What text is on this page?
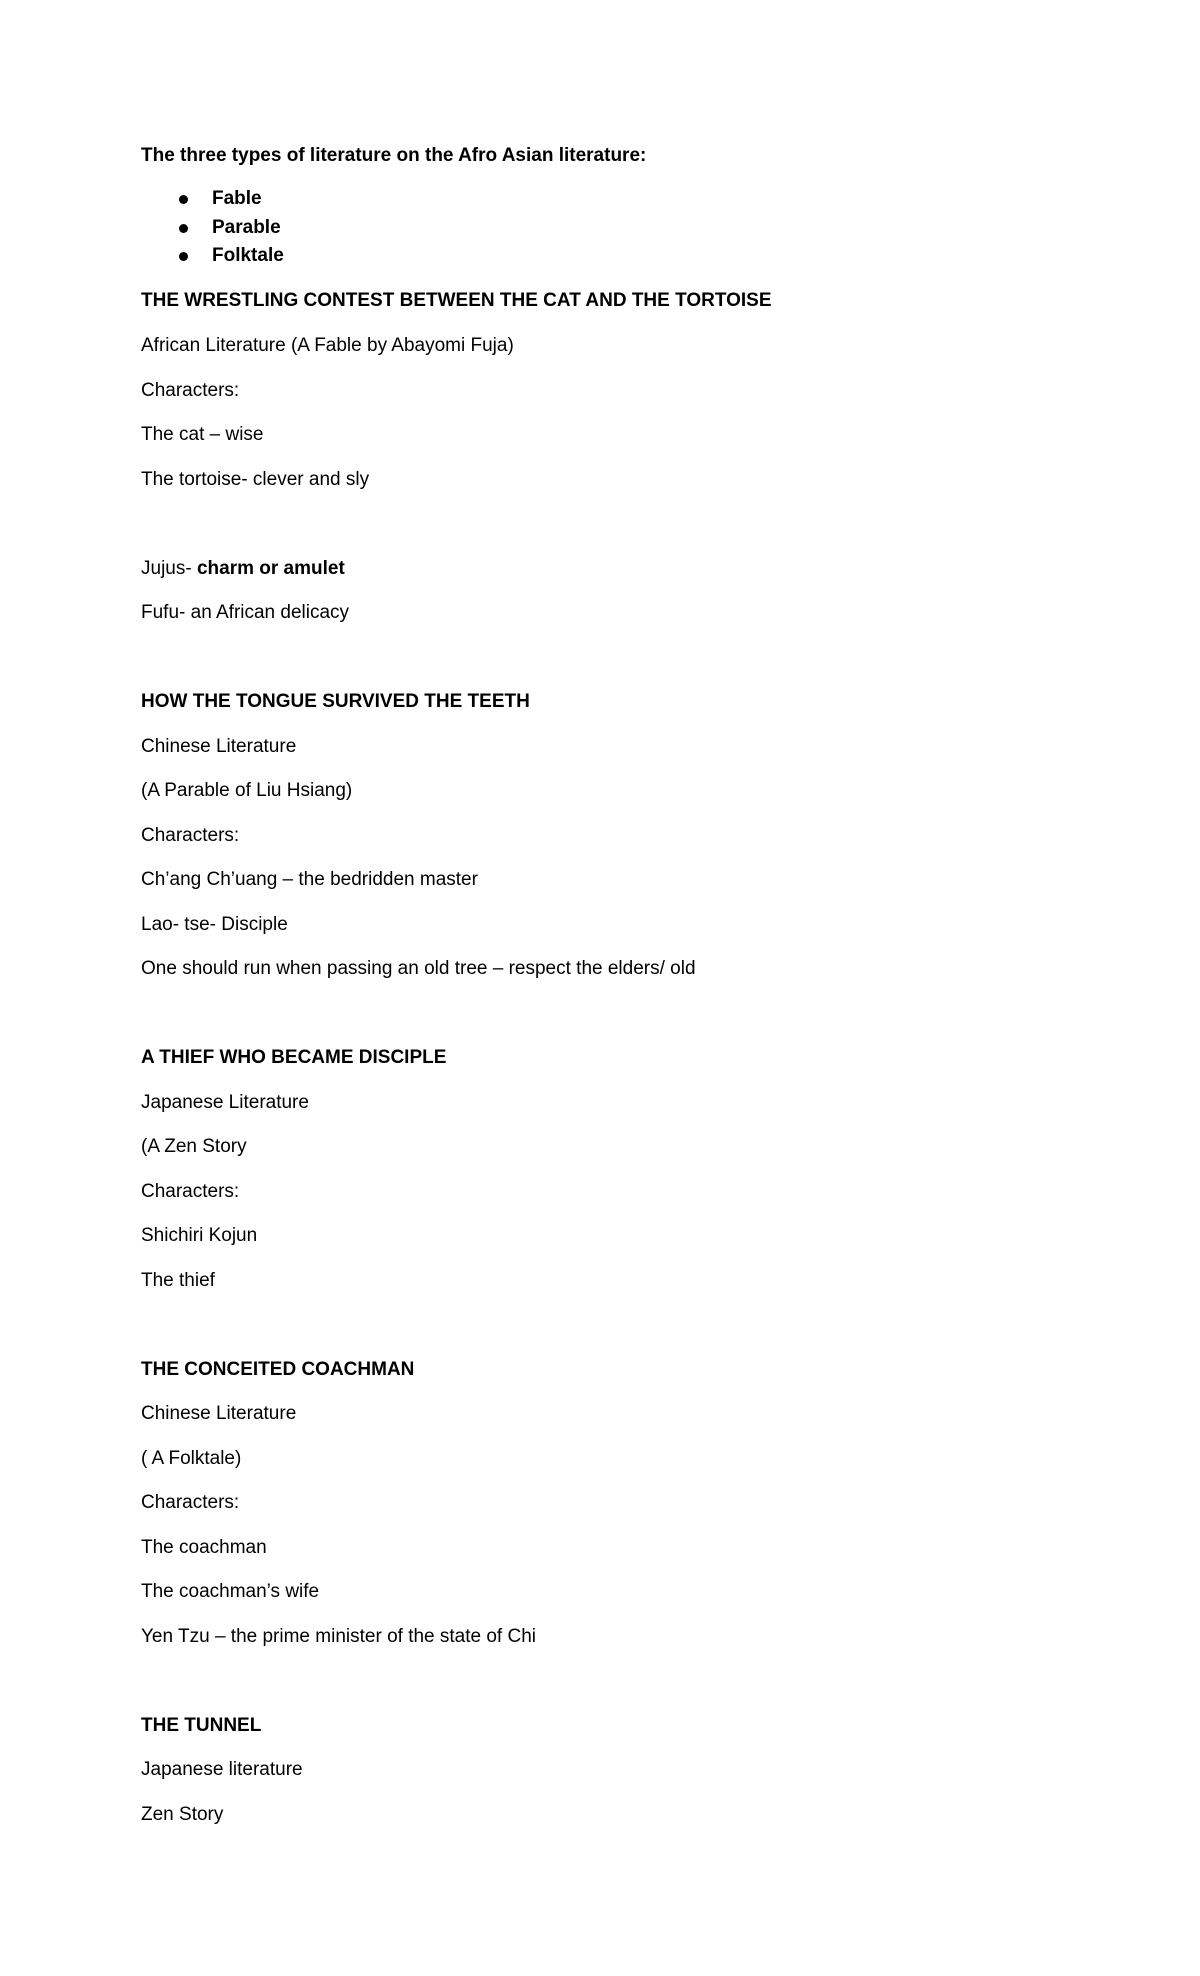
The three types of literature on the Afro Asian literature:
Fable
Parable
Folktale
THE WRESTLING CONTEST BETWEEN THE CAT AND THE TORTOISE
African Literature (A Fable by Abayomi Fuja)
Characters:
The cat – wise
The tortoise- clever and sly
Jujus- charm or amulet
Fufu- an African delicacy
HOW THE TONGUE SURVIVED THE TEETH
Chinese Literature
(A Parable of Liu Hsiang)
Characters:
Ch’ang Ch’uang – the bedridden master
Lao- tse- Disciple
One should run when passing an old tree – respect the elders/ old
A THIEF WHO BECAME DISCIPLE
Japanese Literature
(A Zen Story
Characters:
Shichiri Kojun
The thief
THE CONCEITED COACHMAN
Chinese Literature
( A Folktale)
Characters:
The coachman
The coachman’s wife
Yen Tzu – the prime minister of the state of Chi
THE TUNNEL
Japanese literature
Zen Story
